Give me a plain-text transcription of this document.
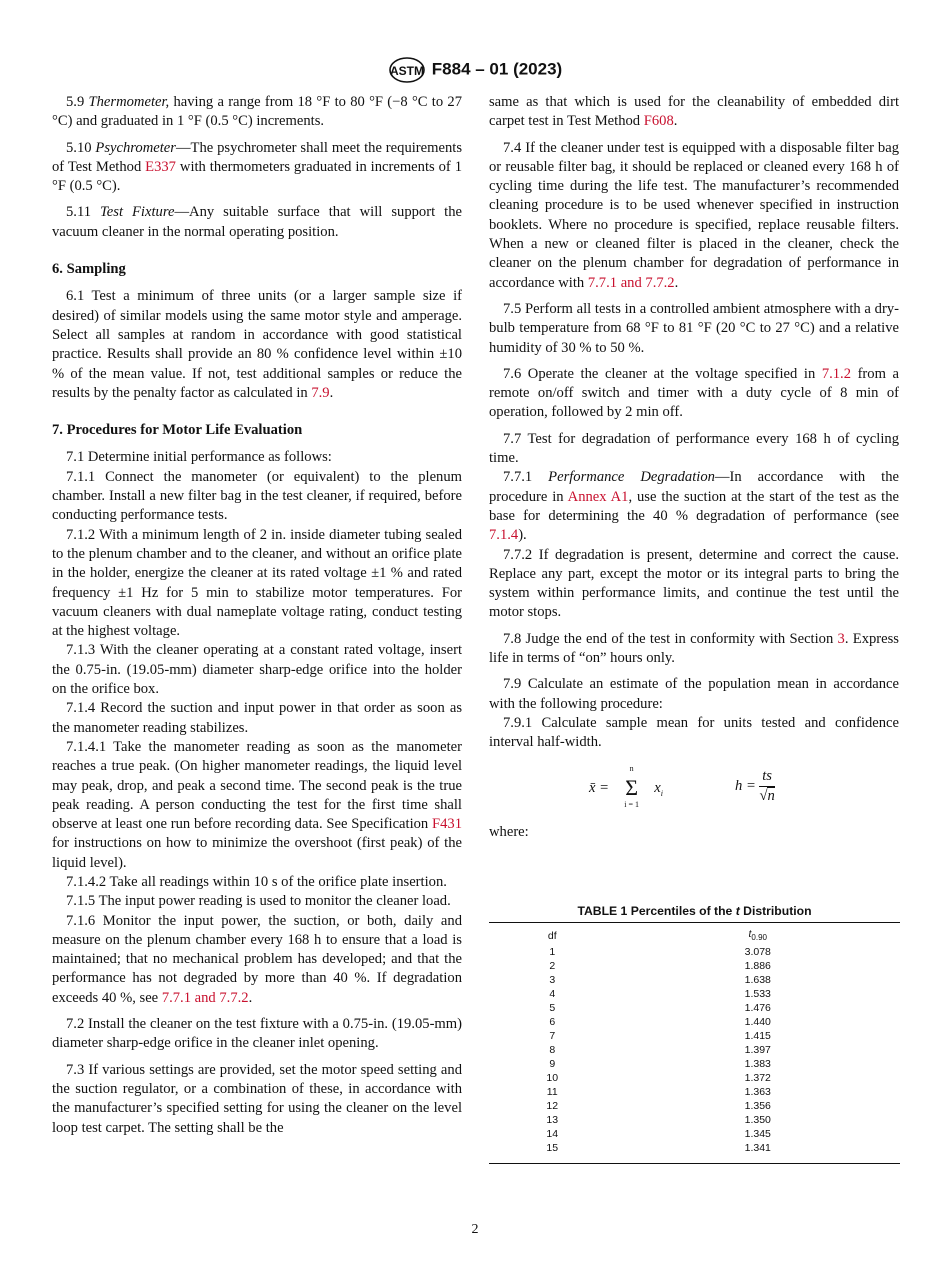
ASTM F884 – 01 (2023)

5.9 Thermometer, having a range from 18 °F to 80 °F (−8 °C to 27 °C) and graduated in 1 °F (0.5 °C) increments.

5.10 Psychrometer—The psychrometer shall meet the requirements of Test Method E337 with thermometers graduated in increments of 1 °F (0.5 °C).

5.11 Test Fixture—Any suitable surface that will support the vacuum cleaner in the normal operating position.

6. Sampling

6.1 Test a minimum of three units (or a larger sample size if desired) of similar models using the same motor style and amperage. Select all samples at random in accordance with good statistical practice. Results shall provide an 80 % confidence level within ±10 % of the mean value. If not, test additional samples or reduce the results by the penalty factor as calculated in 7.9.

7. Procedures for Motor Life Evaluation

7.1 Determine initial performance as follows:

7.1.1 Connect the manometer (or equivalent) to the plenum chamber. Install a new filter bag in the test cleaner, if required, before conducting performance tests.

7.1.2 With a minimum length of 2 in. inside diameter tubing sealed to the plenum chamber and to the cleaner, and without an orifice plate in the holder, energize the cleaner at its rated voltage ±1 % and rated frequency ±1 Hz for 5 min to stabilize motor temperatures. For vacuum cleaners with dual nameplate voltage rating, conduct testing at the highest voltage.

7.1.3 With the cleaner operating at a constant rated voltage, insert the 0.75-in. (19.05-mm) diameter sharp-edge orifice into the holder on the orifice box.

7.1.4 Record the suction and input power in that order as soon as the manometer reading stabilizes.

7.1.4.1 Take the manometer reading as soon as the manometer reaches a true peak. (On higher manometer readings, the liquid level may peak, drop, and peak a second time. The second peak is the true peak reading. A person conducting the test for the first time shall observe at least one run before recording data. See Specification F431 for instructions on how to minimize the overshoot (first peak) of the liquid level).

7.1.4.2 Take all readings within 10 s of the orifice plate insertion.

7.1.5 The input power reading is used to monitor the cleaner load.

7.1.6 Monitor the input power, the suction, or both, daily and measure on the plenum chamber every 168 h to ensure that a load is maintained; that no mechanical problem has developed; and that the performance has not degraded by more than 40 %. If degradation exceeds 40 %, see 7.7.1 and 7.7.2.

7.2 Install the cleaner on the test fixture with a 0.75-in. (19.05-mm) diameter sharp-edge orifice in the cleaner inlet opening.

7.3 If various settings are provided, set the motor speed setting and the suction regulator, or a combination of these, in accordance with the manufacturer’s specified setting for using the cleaner on the level loop test carpet. The setting shall be the

same as that which is used for the cleanability of embedded dirt carpet test in Test Method F608.

7.4 If the cleaner under test is equipped with a disposable filter bag or reusable filter bag, it should be replaced or cleaned every 168 h of cycling time during the life test. The manufacturer’s recommended cleaning procedure is to be used whenever specified in instruction booklets. Where no procedure is specified, replace reusable filters. When a new or cleaned filter is placed in the cleaner, check the cleaner on the plenum chamber for degradation of performance in accordance with 7.7.1 and 7.7.2.

7.5 Perform all tests in a controlled ambient atmosphere with a dry-bulb temperature from 68 °F to 81 °F (20 °C to 27 °C) and a relative humidity of 30 % to 50 %.

7.6 Operate the cleaner at the voltage specified in 7.1.2 from a remote on/off switch and timer with a duty cycle of 8 min of operation, followed by 2 min off.

7.7 Test for degradation of performance every 168 h of cycling time.

7.7.1 Performance Degradation—In accordance with the procedure in Annex A1, use the suction at the start of the test as the base for determining the 40 % degradation of performance (see 7.1.4).

7.7.2 If degradation is present, determine and correct the cause. Replace any part, except the motor or its integral parts to bring the system within performance limits, and continue the test until the motor stops.

7.8 Judge the end of the test in conformity with Section 3. Express life in terms of “on” hours only.

7.9 Calculate an estimate of the population mean in accordance with the following procedure:

7.9.1 Calculate sample mean for units tested and confidence interval half-width.

x̄ =
n
Σ
i = 1
$x_i$	$h = \frac{ts}{√n}$

where:

TABLE 1 Percentiles of the t Distribution
df	$t_{0.90}$
1	3.078
2	1.886
3	1.638
4	1.533
5	1.476
6	1.440
7	1.415
8	1.397
9	1.383
10	1.372
11	1.363
12	1.356
13	1.350
14	1.345
15	1.341
2
